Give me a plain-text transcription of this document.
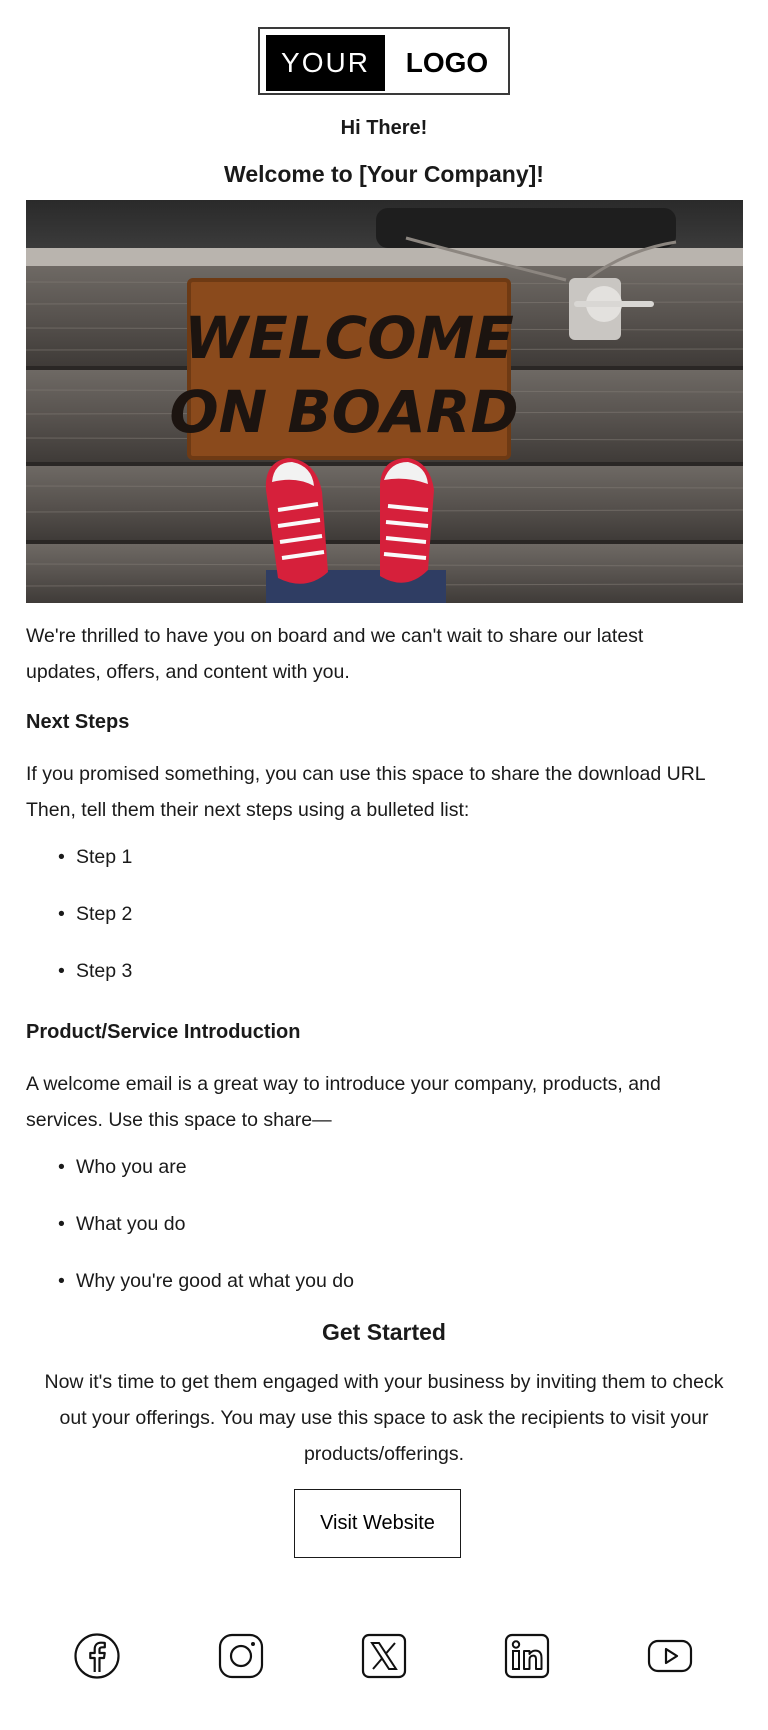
YOUR	LOGO
Hi There!
Welcome to [Your Company]!
WELCOME
ON BOARD
We're thrilled to have you on board and we can't wait to share our latest
updates, offers, and content with you.
Next Steps
If you promised something, you can use this space to share the download URL
Then, tell them their next steps using a bulleted list:
• Step 1
• Step 2
• Step 3
Product/Service Introduction
A welcome email is a great way to introduce your company, products, and
services. Use this space to share—
• Who you are
• What you do
• Why you're good at what you do
Get Started
Now it's time to get them engaged with your business by inviting them to check
out your offerings. You may use this space to ask the recipients to visit your
products/offerings.
Visit Website
